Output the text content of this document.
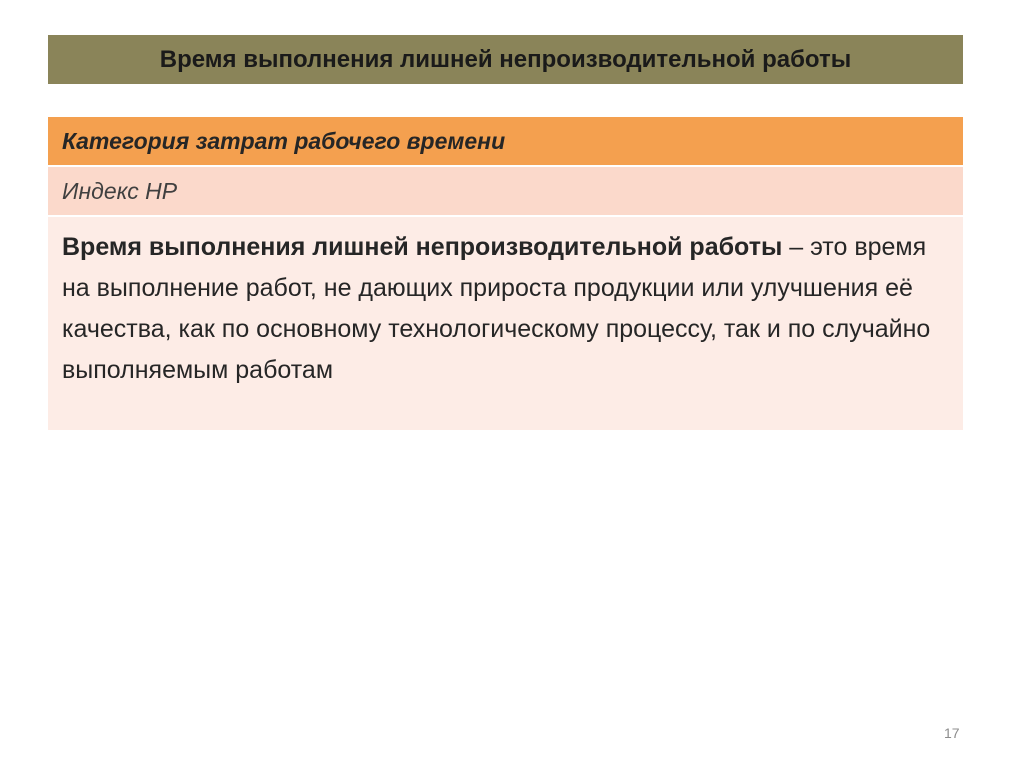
Время выполнения лишней непроизводительной работы
Категория затрат рабочего времени
Индекс НР

Время выполнения лишней непроизводительной работы – это время на выполнение работ, не дающих прироста продукции или улучшения её качества, как по основному технологическому процессу, так и по случайно выполняемым работам

17
